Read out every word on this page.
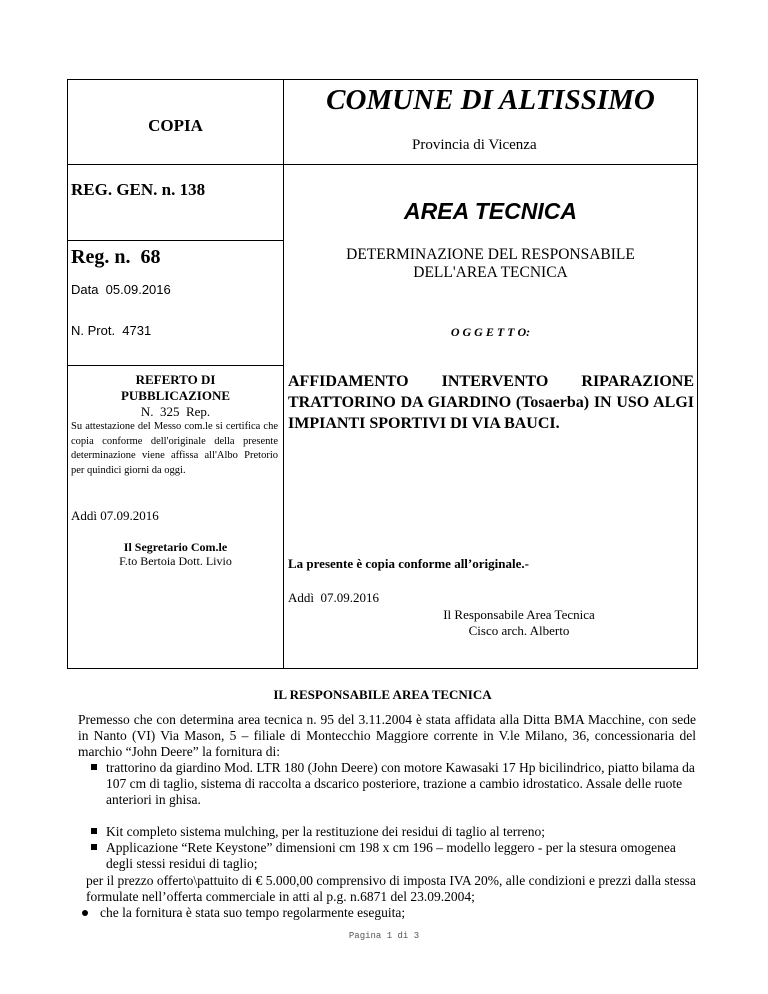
COPIA
REG. GEN. n. 138
Reg. n.  68
Data  05.09.2016
N. Prot.  4731
REFERTO DI
PUBBLICAZIONE
N.  325  Rep.
Su attestazione del Messo com.le si certifica che copia conforme dell'originale della presente determinazione viene affissa all'Albo Pretorio per quindici giorni da oggi.
Addì 07.09.2016
Il Segretario Com.le
F.to Bertoia Dott. Livio
COMUNE DI ALTISSIMO
Provincia di Vicenza
AREA TECNICA
DETERMINAZIONE DEL RESPONSABILE
DELL'AREA TECNICA
O G G E T T O:
AFFIDAMENTO INTERVENTO RIPARAZIONE TRATTORINO DA GIARDINO (Tosaerba) IN USO ALGI IMPIANTI SPORTIVI DI VIA BAUCI.
La presente è copia conforme all’originale.-
Addì  07.09.2016
Il Responsabile Area Tecnica
Cisco arch. Alberto
IL RESPONSABILE AREA TECNICA
Premesso che con determina area tecnica n. 95 del 3.11.2004 è stata affidata alla Ditta BMA Macchine, con sede in Nanto (VI) Via Mason, 5 – filiale di Montecchio Maggiore corrente in V.le Milano, 36, concessionaria del marchio “John Deere” la fornitura di:
trattorino da giardino Mod. LTR 180 (John Deere) con motore Kawasaki 17 Hp bicilindrico, piatto bilama da 107 cm di taglio, sistema di raccolta a dscarico posteriore, trazione a cambio idrostatico. Assale delle ruote anteriori in ghisa.
Kit completo sistema mulching, per la restituzione dei residui di taglio al terreno;
Applicazione “Rete Keystone” dimensioni cm 198 x cm 196 – modello leggero - per la stesura omogenea degli stessi residui di taglio;
per il prezzo offerto\pattuito di € 5.000,00 comprensivo di imposta IVA 20%, alle condizioni e prezzi dalla stessa formulate nell’offerta commerciale in atti al p.g. n.6871 del 23.09.2004;
che la fornitura è stata suo tempo regolarmente eseguita;
Pagina 1 di 3
